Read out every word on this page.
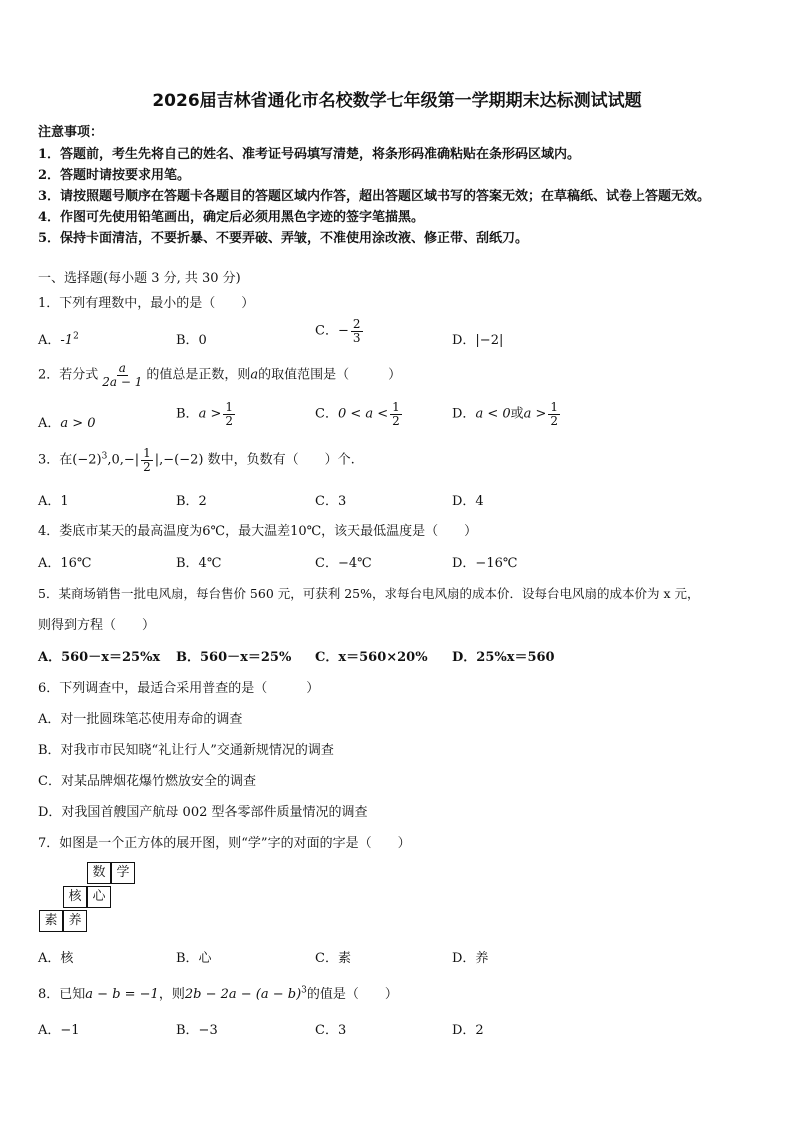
2026届吉林省通化市名校数学七年级第一学期期末达标测试试题
注意事项：
1．答题前，考生先将自己的姓名、准考证号码填写清楚，将条形码准确粘贴在条形码区域内。
2．答题时请按要求用笔。
3．请按照题号顺序在答题卡各题目的答题区域内作答，超出答题区域书写的答案无效；在草稿纸、试卷上答题无效。
4．作图可先使用铅笔画出，确定后必须用黑色字迹的签字笔描黑。
5．保持卡面清洁，不要折暴、不要弄破、弄皱，不准使用涂改液、修正带、刮纸刀。
一、选择题(每小题 3 分, 共 30 分)
1．下列有理数中，最小的是（　　）
A．$-1^2$	B．0
C．− $\frac{2}{3}$	D．|−2|
2．若分式 $\frac{a}{2a - 1}$ 的值总是正数，则a的取值范围是（　　　）
A．a > 0
B．$a > \frac{1}{2}$	C．$0 < a < \frac{1}{2}$	D．a < 0或$a > \frac{1}{2}$
3．在$(-2)^3,0,-| \frac{1}{2} |,-(-2)$ 数中，负数有（　　）个.
A．1	B．2	C．3	D．4
4．娄底市某天的最高温度为6℃，最大温差10℃，该天最低温度是（　　）
A．16℃	B．4℃	C．−4℃	D．−16℃
5．某商场销售一批电风扇，每台售价 560 元，可获利 25%，求每台电风扇的成本价．设每台电风扇的成本价为 x 元，
则得到方程（　　）
A．560－x＝25%x B．560－x＝25% C．x＝560×20% D．25%x＝560
6．下列调查中，最适合采用普查的是（　　　）
A．对一批圆珠笔芯使用寿命的调查
B．对我市市民知晓“礼让行人”交通新规情况的调查
C．对某品牌烟花爆竹燃放安全的调查
D．对我国首艘国产航母 002 型各零部件质量情况的调查
7．如图是一个正方体的展开图，则“学”字的对面的字是（　　）
数 学
核 心
素 养
A．核	B．心	C．素	D．养
8．已知a − b = −1，则$2b - 2a - (a - b)^3$的值是（　　）
A．−1	B．−3	C．3	D．2
